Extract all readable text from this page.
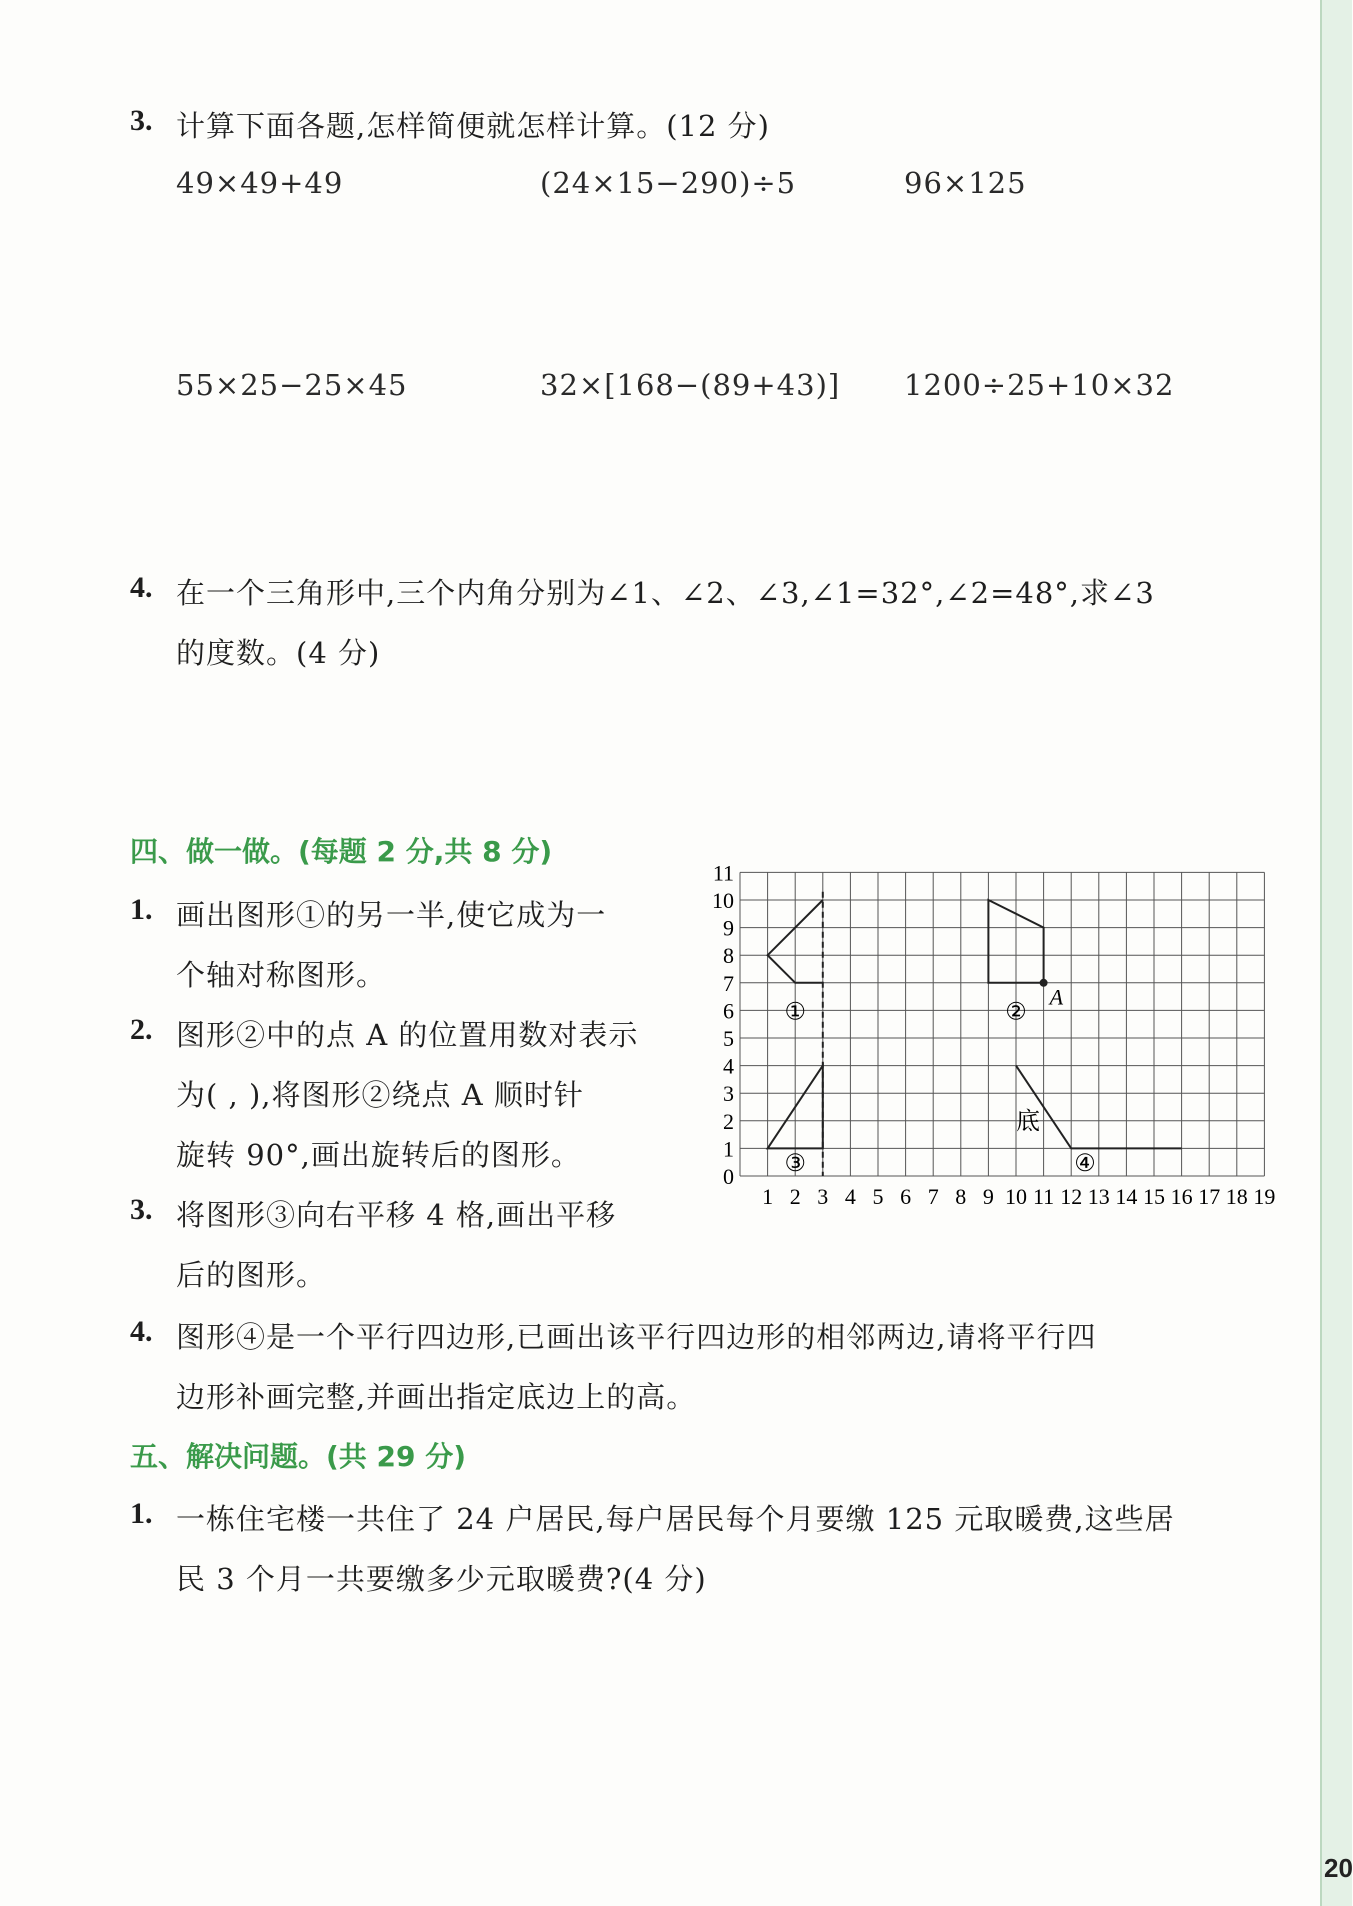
3. 计算下面各题,怎样简便就怎样计算。(12 分)
49×49+49	(24×15−290)÷5	96×125
55×25−25×45	32×[168−(89+43)] 1200÷25+10×32
4. 在一个三角形中,三个内角分别为∠1、∠2、∠3,∠1=32°,∠2=48°,求∠3
的度数。(4 分)
四、做一做。(每题 2 分,共 8 分)
1. 画出图形①的另一半,使它成为一
个轴对称图形。
2. 图形②中的点 A 的位置用数对表示
为( , ),将图形②绕点 A 顺时针
旋转 90°,画出旋转后的图形。
3. 将图形③向右平移 4 格,画出平移
后的图形。
4. 图形④是一个平行四边形,已画出该平行四边形的相邻两边,请将平行四
边形补画完整,并画出指定底边上的高。
0
1
2
3
4
5
6
7
8
9
10
11
1 2 3 4 5 6 7 8 9 10 11 12 13 14 15 16 17 18 19
①	②
③	④
A
底
五、解决问题。(共 29 分)
1. 一栋住宅楼一共住了 24 户居民,每户居民每个月要缴 125 元取暖费,这些居
民 3 个月一共要缴多少元取暖费?(4 分)
20
